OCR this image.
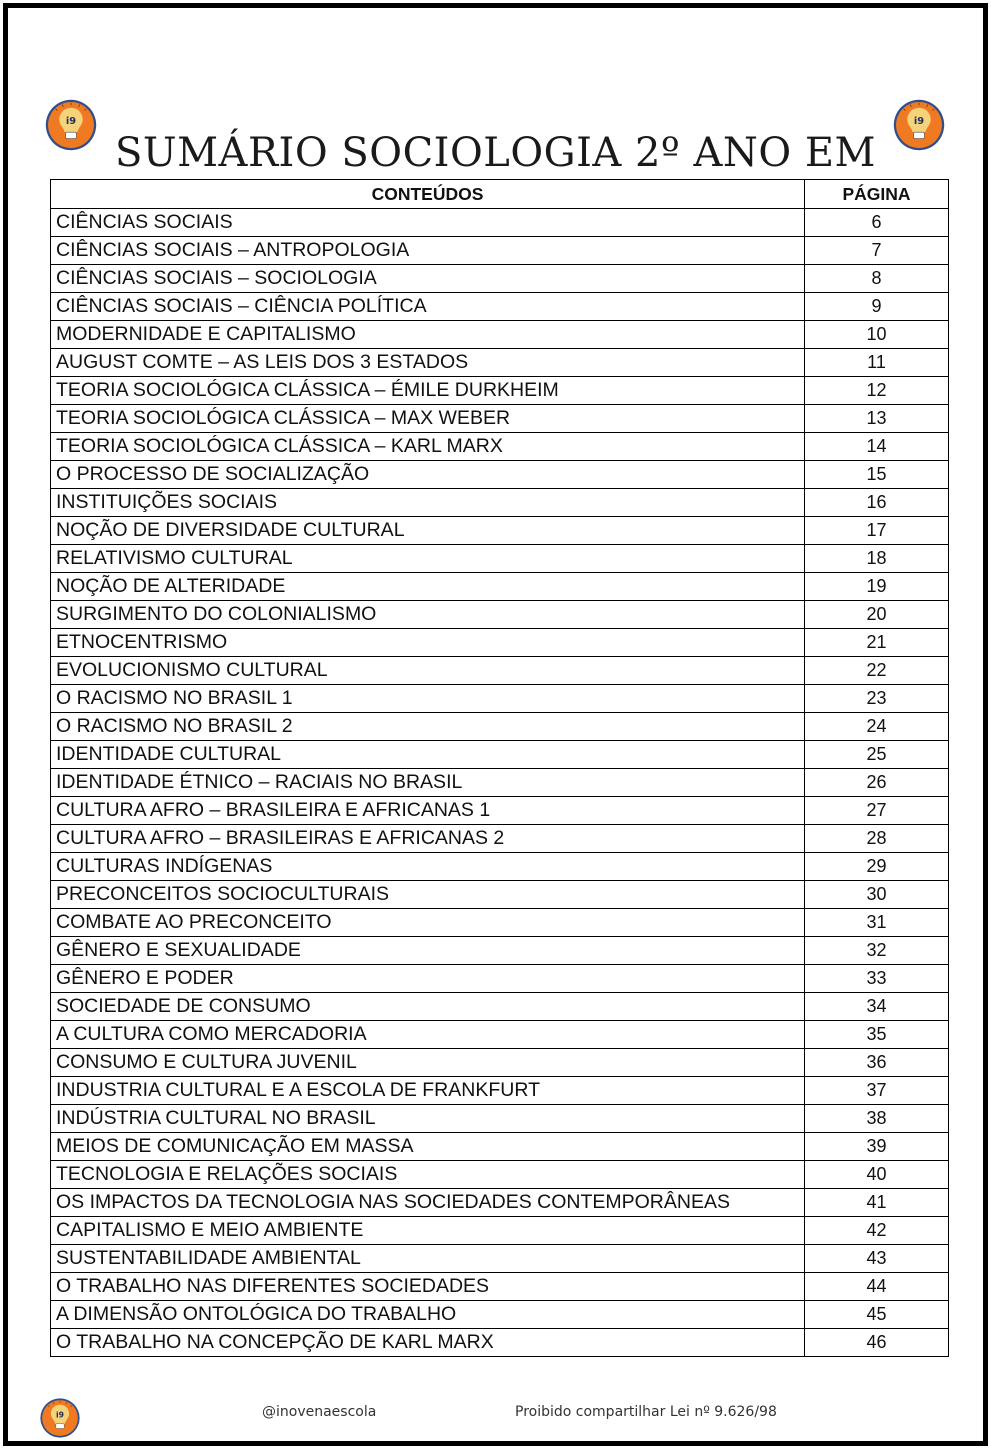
i9	i9
SUMÁRIO SOCIOLOGIA 2º ANO EM
CONTEÚDOS	PÁGINA
CIÊNCIAS SOCIAIS	6
CIÊNCIAS SOCIAIS – ANTROPOLOGIA	7
CIÊNCIAS SOCIAIS – SOCIOLOGIA	8
CIÊNCIAS SOCIAIS – CIÊNCIA POLÍTICA	9
MODERNIDADE E CAPITALISMO	10
AUGUST COMTE – AS LEIS DOS 3 ESTADOS	11
TEORIA SOCIOLÓGICA CLÁSSICA – ÉMILE DURKHEIM	12
TEORIA SOCIOLÓGICA CLÁSSICA – MAX WEBER	13
TEORIA SOCIOLÓGICA CLÁSSICA – KARL MARX	14
O PROCESSO DE SOCIALIZAÇÃO	15
INSTITUIÇÕES SOCIAIS	16
NOÇÃO DE DIVERSIDADE CULTURAL	17
RELATIVISMO CULTURAL	18
NOÇÃO DE ALTERIDADE	19
SURGIMENTO DO COLONIALISMO	20
ETNOCENTRISMO	21
EVOLUCIONISMO CULTURAL	22
O RACISMO NO BRASIL 1	23
O RACISMO NO BRASIL 2	24
IDENTIDADE CULTURAL	25
IDENTIDADE ÉTNICO – RACIAIS NO BRASIL	26
CULTURA AFRO – BRASILEIRA E AFRICANAS 1	27
CULTURA AFRO – BRASILEIRAS E AFRICANAS 2	28
CULTURAS INDÍGENAS	29
PRECONCEITOS SOCIOCULTURAIS	30
COMBATE AO PRECONCEITO	31
GÊNERO E SEXUALIDADE	32
GÊNERO E PODER	33
SOCIEDADE DE CONSUMO	34
A CULTURA COMO MERCADORIA	35
CONSUMO E CULTURA JUVENIL	36
INDUSTRIA CULTURAL E A ESCOLA DE FRANKFURT	37
INDÚSTRIA CULTURAL NO BRASIL	38
MEIOS DE COMUNICAÇÃO EM MASSA	39
TECNOLOGIA E RELAÇÕES SOCIAIS	40
OS IMPACTOS DA TECNOLOGIA NAS SOCIEDADES CONTEMPORÂNEAS	41
CAPITALISMO E MEIO AMBIENTE	42
SUSTENTABILIDADE AMBIENTAL	43
O TRABALHO NAS DIFERENTES SOCIEDADES	44
A DIMENSÃO ONTOLÓGICA DO TRABALHO	45
O TRABALHO NA CONCEPÇÃO DE KARL MARX	46
i9	@inovenaescola	Proibido compartilhar Lei nº 9.626/98
